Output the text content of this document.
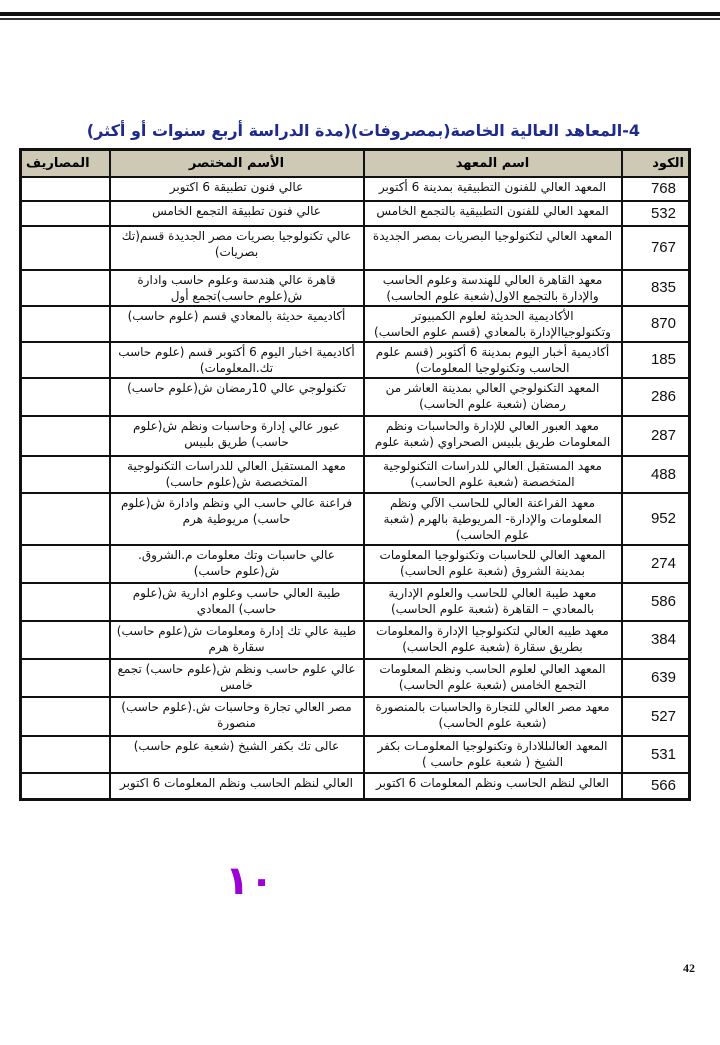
4-المعاهد العالية الخاصة(بمصروفات)(مدة الدراسة أربع سنوات أو أكثر)
الكود	اسم المعهد	الأسم المختصر	المصاريف
768	المعهد العالي للفنون التطبيقية بمدينة 6 أكتوبر	عالي فنون تطبيقة 6 اكتوبر	
532	المعهد العالي للفنون التطبيقية بالتجمع الخامس	عالي فنون تطبيقة التجمع الخامس	
767	المعهد العالي لتكنولوجيا البصريات بمصر الجديدة	عالي تكنولوجيا بصريات مصر الجديدة قسم(تك بصريات)	
835	معهد القاهرة العالي للهندسة وعلوم الحاسب والإدارة بالتجمع الاول(شعبة علوم الحاسب)	قاهرة عالي هندسة وعلوم حاسب وادارة ش(علوم حاسب)تجمع أول	
870	الأكاديمية الحديثة لعلوم الكمبيوتر وتكنولوجياالإدارة بالمعادي (قسم علوم الحاسب)	أكاديمية حديثة بالمعادي قسم (علوم حاسب)	
185	أكاديمية أخبار اليوم بمدينة 6 أكتوبر (قسم علوم الحاسب وتكنولوجيا المعلومات)	أكاديمية اخبار اليوم 6 أكتوبر قسم (علوم حاسب تك.المعلومات)	
286	المعهد التكنولوجي العالي بمدينة العاشر من رمضان (شعبة علوم الحاسب)	تكنولوجي عالي 10رمضان ش(علوم حاسب)	
287	معهد العبور العالي للإدارة والحاسبات ونظم المعلومات طريق بلبيس الصحراوي (شعبة علوم	عبور عالي إدارة وحاسبات ونظم ش(علوم حاسب) طريق بلبيس	
488	معهد المستقبل العالي للدراسات التكنولوجية المتخصصة (شعبة علوم الحاسب)	معهد المستقبل العالي للدراسات التكنولوجية المتخصصة ش(علوم حاسب)	
952	معهد الفراعنة العالي للحاسب الآلي ونظم المعلومات والإدارة- المريوطية بالهرم (شعبة علوم الحاسب)	فراعنة عالي حاسب الي ونظم وادارة ش(علوم حاسب) مريوطية هرم	
274	المعهد العالي للحاسبات وتكنولوجيا المعلومات بمدينة الشروق (شعبة علوم الحاسب)	عالي حاسبات وتك معلومات م.الشروق. ش(علوم حاسب)	
586	معهد طيبة العالي للحاسب والعلوم الإدارية بالمعادي – القاهرة (شعبة علوم الحاسب)	طيبة العالي حاسب وعلوم ادارية ش(علوم حاسب) المعادي	
384	معهد طيبه العالي لتكنولوجيا الإدارة والمعلومات بطريق سقارة (شعبة علوم الحاسب)	طيبة عالي تك إدارة ومعلومات ش(علوم حاسب) سقارة هرم	
639	المعهد العالي لعلوم الحاسب ونظم المعلومات التجمع الخامس (شعبة علوم الحاسب)	عالي علوم حاسب ونظم ش(علوم حاسب) تجمع خامس	
527	معهد مصر العالي للتجارة والحاسبات بالمنصورة (شعبة علوم الحاسب)	مصر العالي تجارة وحاسبات ش.(علوم حاسب) منصورة	
531	المعهد العالىللادارة وتكنولوجيا المعلومـات بكفر الشيخ ( شعبة علوم حاسب )	عالى تك بكفر الشيخ (شعبة علوم حاسب)	
566	العالي لنظم الحاسب ونظم المعلومات 6 اكتوبر	العالي لنظم الحاسب ونظم المعلومات 6 اكتوبر	
١٠
42
